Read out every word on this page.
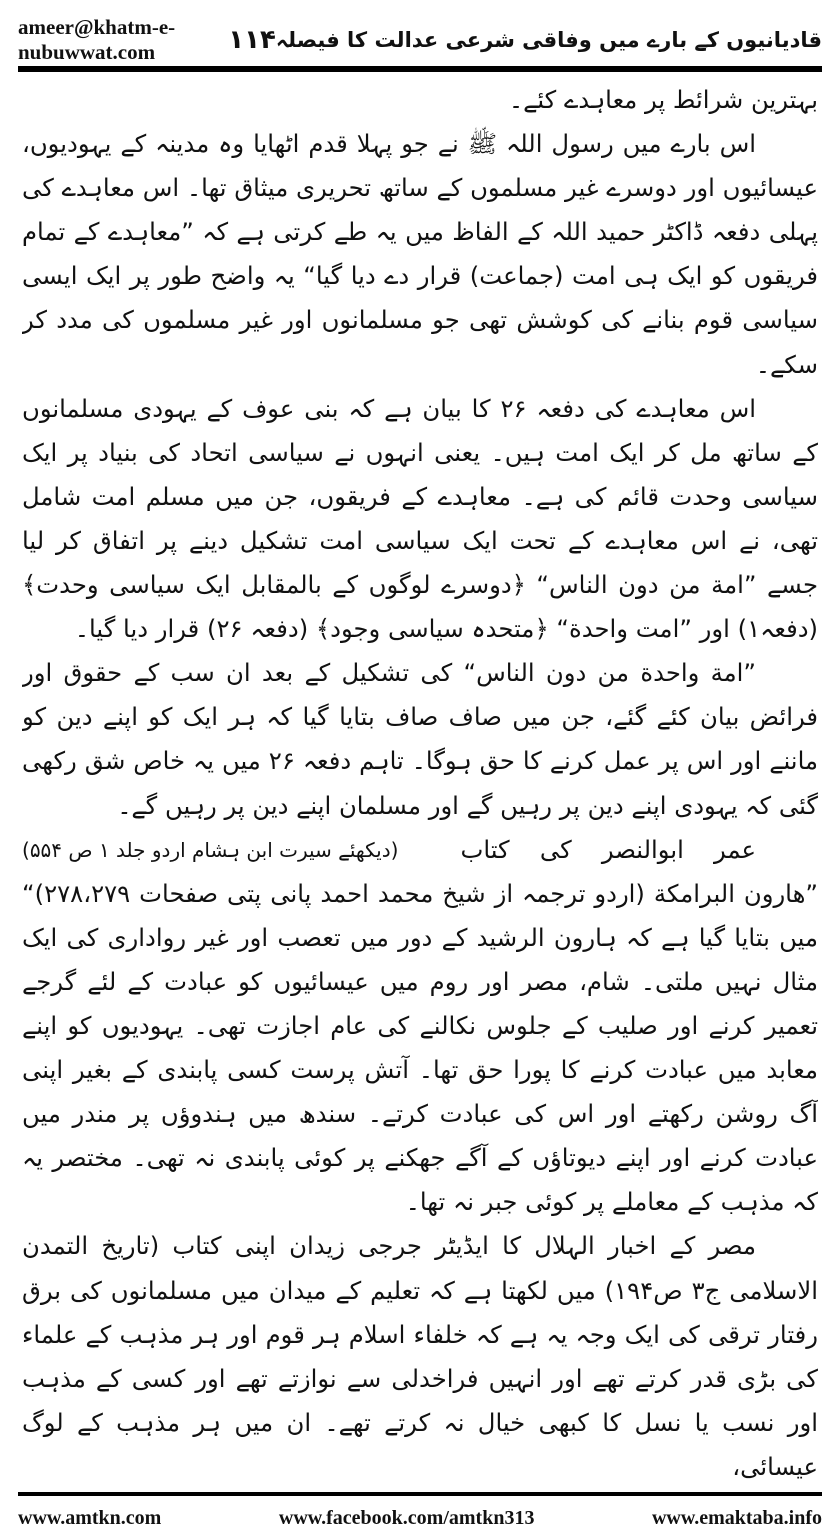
ameer@khatm-e-nubuwwat.com	۱۱۴ قادیانیوں کے بارے میں وفاقی شرعی عدالت کا فیصلہ

بہترین شرائط پر معاہدے کئے۔

اس بارے میں رسول اللہ ﷺ نے جو پہلا قدم اٹھایا وہ مدینہ کے یہودیوں، عیسائیوں اور دوسرے غیر مسلموں کے ساتھ تحریری میثاق تھا۔ اس معاہدے کی پہلی دفعہ ڈاکٹر حمید اللہ کے الفاظ میں یہ طے کرتی ہے کہ ”معاہدے کے تمام فریقوں کو ایک ہی امت (جماعت) قرار دے دیا گیا“ یہ واضح طور پر ایک ایسی سیاسی قوم بنانے کی کوشش تھی جو مسلمانوں اور غیر مسلموں کی مدد کر سکے۔

اس معاہدے کی دفعہ ۲۶ کا بیان ہے کہ بنی عوف کے یہودی مسلمانوں کے ساتھ مل کر ایک امت ہیں۔ یعنی انہوں نے سیاسی اتحاد کی بنیاد پر ایک سیاسی وحدت قائم کی ہے۔ معاہدے کے فریقوں، جن میں مسلم امت شامل تھی، نے اس معاہدے کے تحت ایک سیاسی امت تشکیل دینے پر اتفاق کر لیا جسے ”امة من دون الناس“ ﴿دوسرے لوگوں کے بالمقابل ایک سیاسی وحدت﴾ (دفعہ۱) اور ”امت واحدة“ ﴿متحدہ سیاسی وجود﴾ (دفعہ ۲۶) قرار دیا گیا۔

”امة واحدة من دون الناس“ کی تشکیل کے بعد ان سب کے حقوق اور فرائض بیان کئے گئے، جن میں صاف صاف بتایا گیا کہ ہر ایک کو اپنے دین کو ماننے اور اس پر عمل کرنے کا حق ہوگا۔ تاہم دفعہ ۲۶ میں یہ خاص شق رکھی گئی کہ یہودی اپنے دین پر رہیں گے اور مسلمان اپنے دین پر رہیں گے۔
(دیکھئے سیرت ابن ہشام اردو جلد ۱ ص ۵۵۴)	عمر ابوالنصر کی کتاب ”هارون البرامكة (اردو ترجمہ از شیخ محمد احمد پانی پتی صفحات ۲۷۸،۲۷۹)“ میں بتایا گیا ہے کہ ہارون الرشید کے دور میں تعصب اور غیر رواداری کی ایک مثال نہیں ملتی۔ شام، مصر اور روم میں عیسائیوں کو عبادت کے لئے گرجے تعمیر کرنے اور صلیب کے جلوس نکالنے کی عام اجازت تھی۔ یہودیوں کو اپنے معابد میں عبادت کرنے کا پورا حق تھا۔ آتش پرست کسی پابندی کے بغیر اپنی آگ روشن رکھتے اور اس کی عبادت کرتے۔ سندھ میں ہندوؤں پر مندر میں عبادت کرنے اور اپنے دیوتاؤں کے آگے جھکنے پر کوئی پابندی نہ تھی۔ مختصر یہ کہ مذہب کے معاملے پر کوئی جبر نہ تھا۔

مصر کے اخبار الہلال کا ایڈیٹر جرجی زیدان اپنی کتاب (تاریخ التمدن الاسلامی ج۳ ص۱۹۴) میں لکھتا ہے کہ تعلیم کے میدان میں مسلمانوں کی برق رفتار ترقی کی ایک وجہ یہ ہے کہ خلفاء اسلام ہر قوم اور ہر مذہب کے علماء کی بڑی قدر کرتے تھے اور انہیں فراخدلی سے نوازتے تھے اور کسی کے مذہب اور نسب یا نسل کا کبھی خیال نہ کرتے تھے۔ ان میں ہر مذہب کے لوگ عیسائی،

www.amtkn.com	www.facebook.com/amtkn313	www.emaktaba.info
